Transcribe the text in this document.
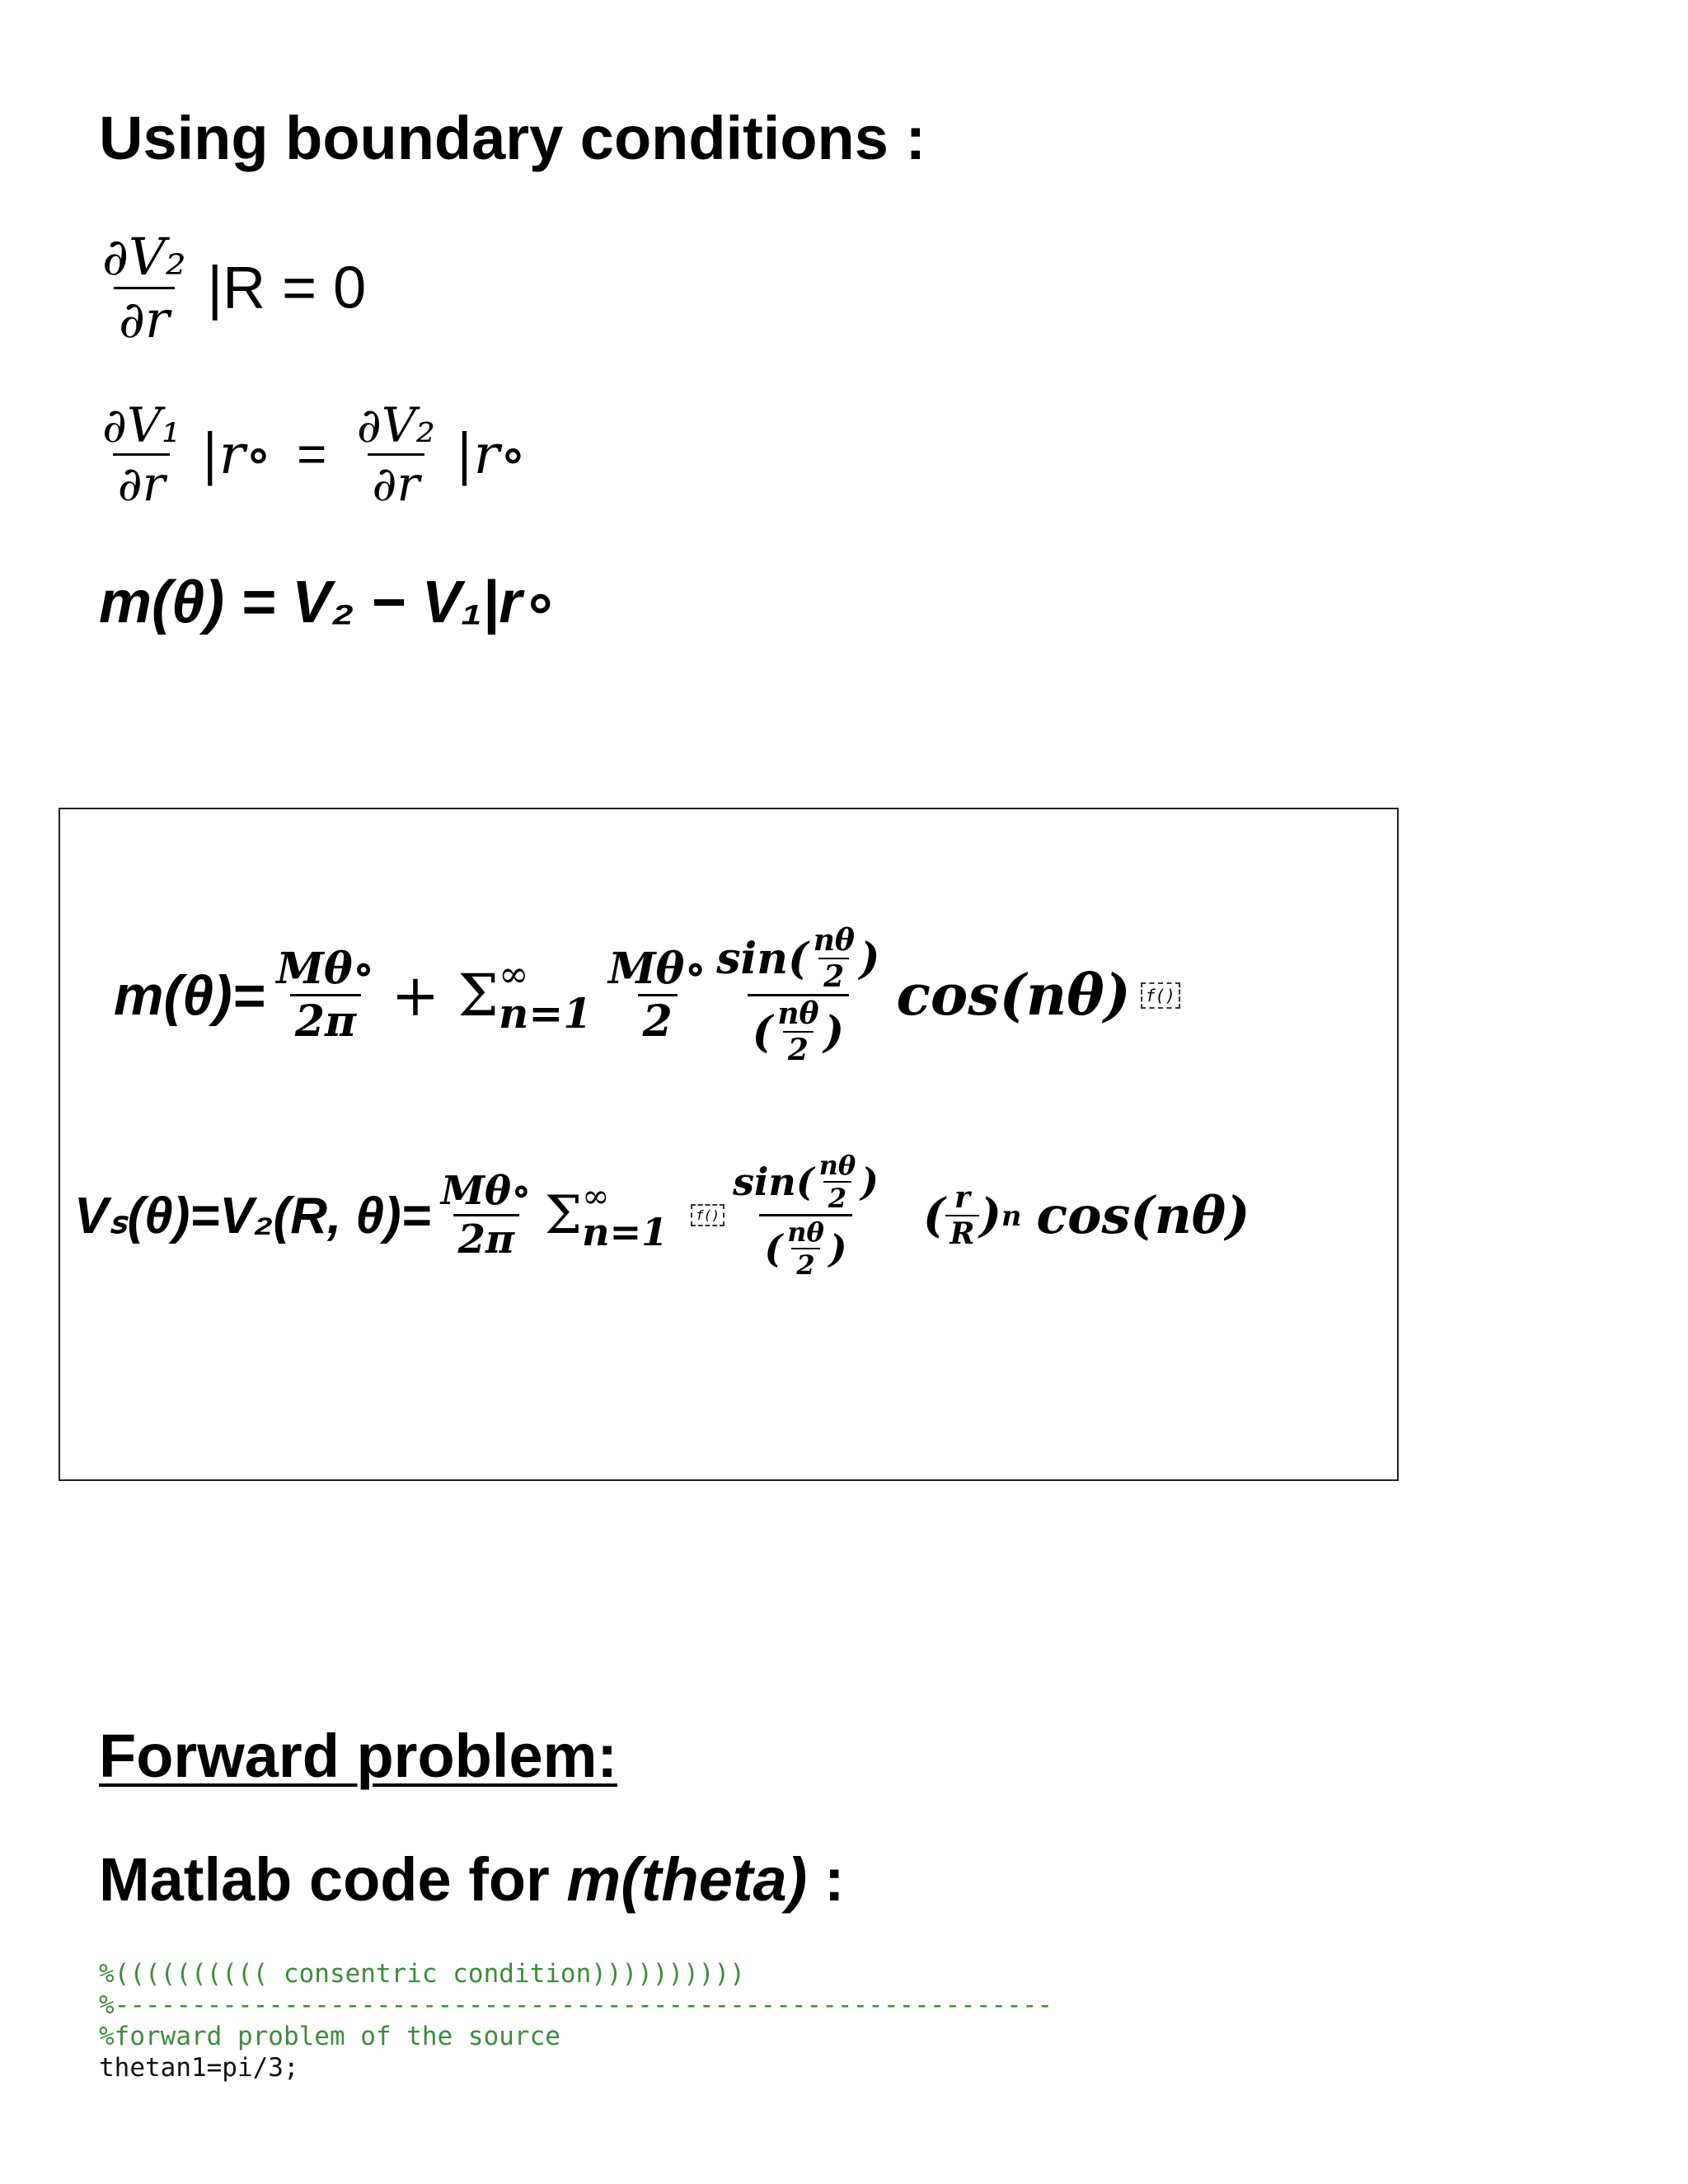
Using boundary conditions :
$\frac{\text{∂V₂}}{\partial r} |R = 0$
$\frac{\text{∂V₁}}{\partial r}$ |r∘ = $\frac{\text{∂V₂}}{\partial r}$ |r∘
m(θ) = V₂ − V₁|r∘
$m(\theta)= \frac{M\theta\circ}{2\pi} + \Sigma$ ∞
$n=1 \frac{M\theta\circ}{2} \frac{\sin( \frac{n\theta}{2} )}{( \frac{n\theta}{2} )} \cos(n\theta)$ f()
Vₛ(θ)=V₂(R, $\theta)= \frac{M\theta\circ}{2\pi}$ Σ ∞
n=1	$f() \frac{\sin( \frac{n\theta}{2} )}{( \frac{n\theta}{2} )}$ ( $\frac{r}{R}$ ) n cos(nθ)
Forward problem:
Matlab code for m(theta) :
%(((((((((( consentric condition))))))))))
%-------------------------------------------------------------
%forward problem of the source
thetan1=pi/3;
